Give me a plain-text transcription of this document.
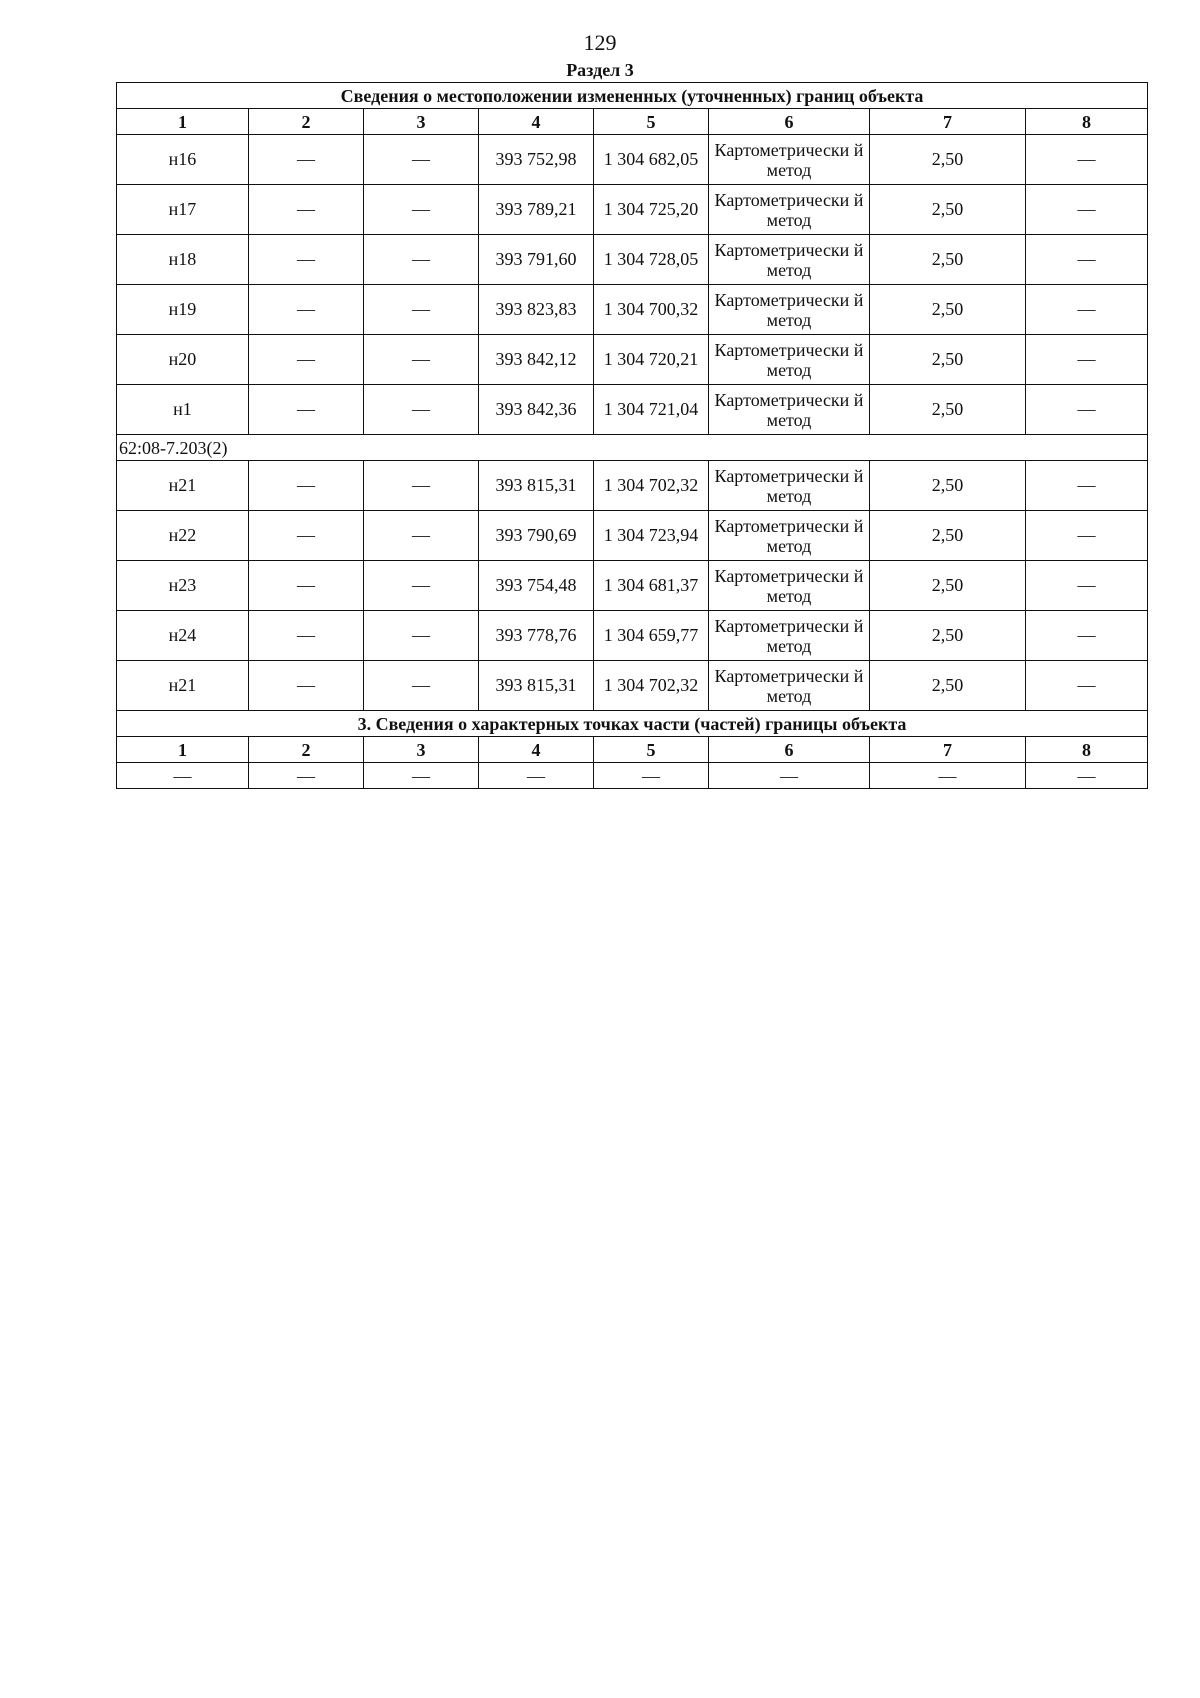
129
Раздел 3
Сведения о местоположении измененных (уточненных) границ объекта							
1	2	3	4	5	6	7	8
н16	—	—	393 752,98	1 304 682,05	Картометрически й метод	2,50	—
н17	—	—	393 789,21	1 304 725,20	Картометрически й метод	2,50	—
н18	—	—	393 791,60	1 304 728,05	Картометрически й метод	2,50	—
н19	—	—	393 823,83	1 304 700,32	Картометрически й метод	2,50	—
н20	—	—	393 842,12	1 304 720,21	Картометрически й метод	2,50	—
н1	—	—	393 842,36	1 304 721,04	Картометрически й метод	2,50	—
62:08-7.203(2)							
н21	—	—	393 815,31	1 304 702,32	Картометрически й метод	2,50	—
н22	—	—	393 790,69	1 304 723,94	Картометрически й метод	2,50	—
н23	—	—	393 754,48	1 304 681,37	Картометрически й метод	2,50	—
н24	—	—	393 778,76	1 304 659,77	Картометрически й метод	2,50	—
н21	—	—	393 815,31	1 304 702,32	Картометрически й метод	2,50	—
3. Сведения о характерных точках части (частей) границы объекта							
1	2	3	4	5	6	7	8
—	—	—	—	—	—	—	—
